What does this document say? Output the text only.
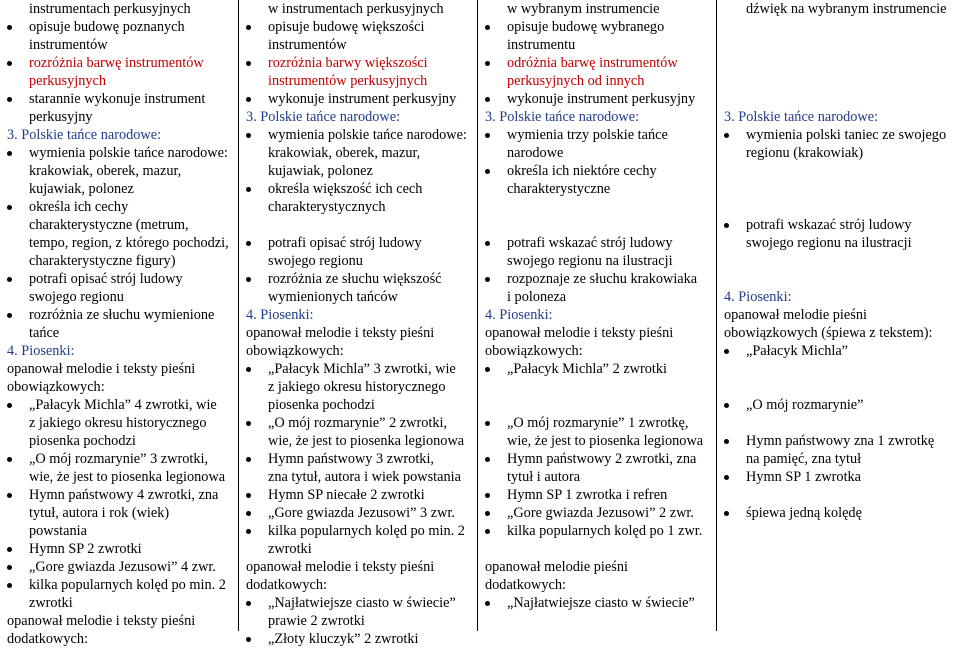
instrumentach perkusyjnych
opisuje budowę poznanych
instrumentów
rozróżnia barwę instrumentów
perkusyjnych
starannie wykonuje instrument
perkusyjny
3. Polskie tańce narodowe:
wymienia polskie tańce narodowe:
krakowiak, oberek, mazur,
kujawiak, polonez
określa ich cechy
charakterystyczne (metrum,
tempo, region, z którego pochodzi,
charakterystyczne figury)
potrafi opisać strój ludowy
swojego regionu
rozróżnia ze słuchu wymienione
tańce
4. Piosenki:
opanował melodie i teksty pieśni
obowiązkowych:
„Pałacyk Michla” 4 zwrotki, wie
z jakiego okresu historycznego
piosenka pochodzi
„O mój rozmarynie” 3 zwrotki,
wie, że jest to piosenka legionowa
Hymn państwowy 4 zwrotki, zna
tytuł, autora i rok (wiek)
powstania
Hymn SP 2 zwrotki
„Gore gwiazda Jezusowi” 4 zwr.
kilka popularnych kolęd po min. 2
zwrotki
opanował melodie i teksty pieśni
dodatkowych:
w instrumentach perkusyjnych
opisuje budowę większości
instrumentów
rozróżnia barwy większości
instrumentów perkusyjnych
wykonuje instrument perkusyjny
3. Polskie tańce narodowe:
wymienia polskie tańce narodowe:
krakowiak, oberek, mazur,
kujawiak, polonez
określa większość ich cech
charakterystycznych
potrafi opisać strój ludowy
swojego regionu
rozróżnia ze słuchu większość
wymienionych tańców
4. Piosenki:
opanował melodie i teksty pieśni
obowiązkowych:
„Pałacyk Michla” 3 zwrotki, wie
z jakiego okresu historycznego
piosenka pochodzi
„O mój rozmarynie” 2 zwrotki,
wie, że jest to piosenka legionowa
Hymn państwowy 3 zwrotki,
zna tytuł, autora i wiek powstania
Hymn SP niecałe 2 zwrotki
„Gore gwiazda Jezusowi” 3 zwr.
kilka popularnych kolęd po min. 2
zwrotki
opanował melodie i teksty pieśni
dodatkowych:
„Najłatwiejsze ciasto w świecie”
prawie 2 zwrotki
„Złoty kluczyk” 2 zwrotki
w wybranym instrumencie
opisuje budowę wybranego
instrumentu
odróżnia barwę instrumentów
perkusyjnych od innych
wykonuje instrument perkusyjny
3. Polskie tańce narodowe:
wymienia trzy polskie tańce
narodowe
określa ich niektóre cechy
charakterystyczne
potrafi wskazać strój ludowy
swojego regionu na ilustracji
rozpoznaje ze słuchu krakowiaka
i poloneza
4. Piosenki:
opanował melodie i teksty pieśni
obowiązkowych:
„Pałacyk Michla” 2 zwrotki
„O mój rozmarynie” 1 zwrotkę,
wie, że jest to piosenka legionowa
Hymn państwowy 2 zwrotki, zna
tytuł i autora
Hymn SP 1 zwrotka i refren
„Gore gwiazda Jezusowi” 2 zwr.
kilka popularnych kolęd po 1 zwr.
opanował melodie pieśni
dodatkowych:
„Najłatwiejsze ciasto w świecie”
dźwięk na wybranym instrumencie
3. Polskie tańce narodowe:
wymienia polski taniec ze swojego
regionu (krakowiak)
potrafi wskazać strój ludowy
swojego regionu na ilustracji
4. Piosenki:
opanował melodie pieśni
obowiązkowych (śpiewa z tekstem):
„Pałacyk Michla”
„O mój rozmarynie”
Hymn państwowy zna 1 zwrotkę
na pamięć, zna tytuł
Hymn SP 1 zwrotka
śpiewa jedną kolędę
